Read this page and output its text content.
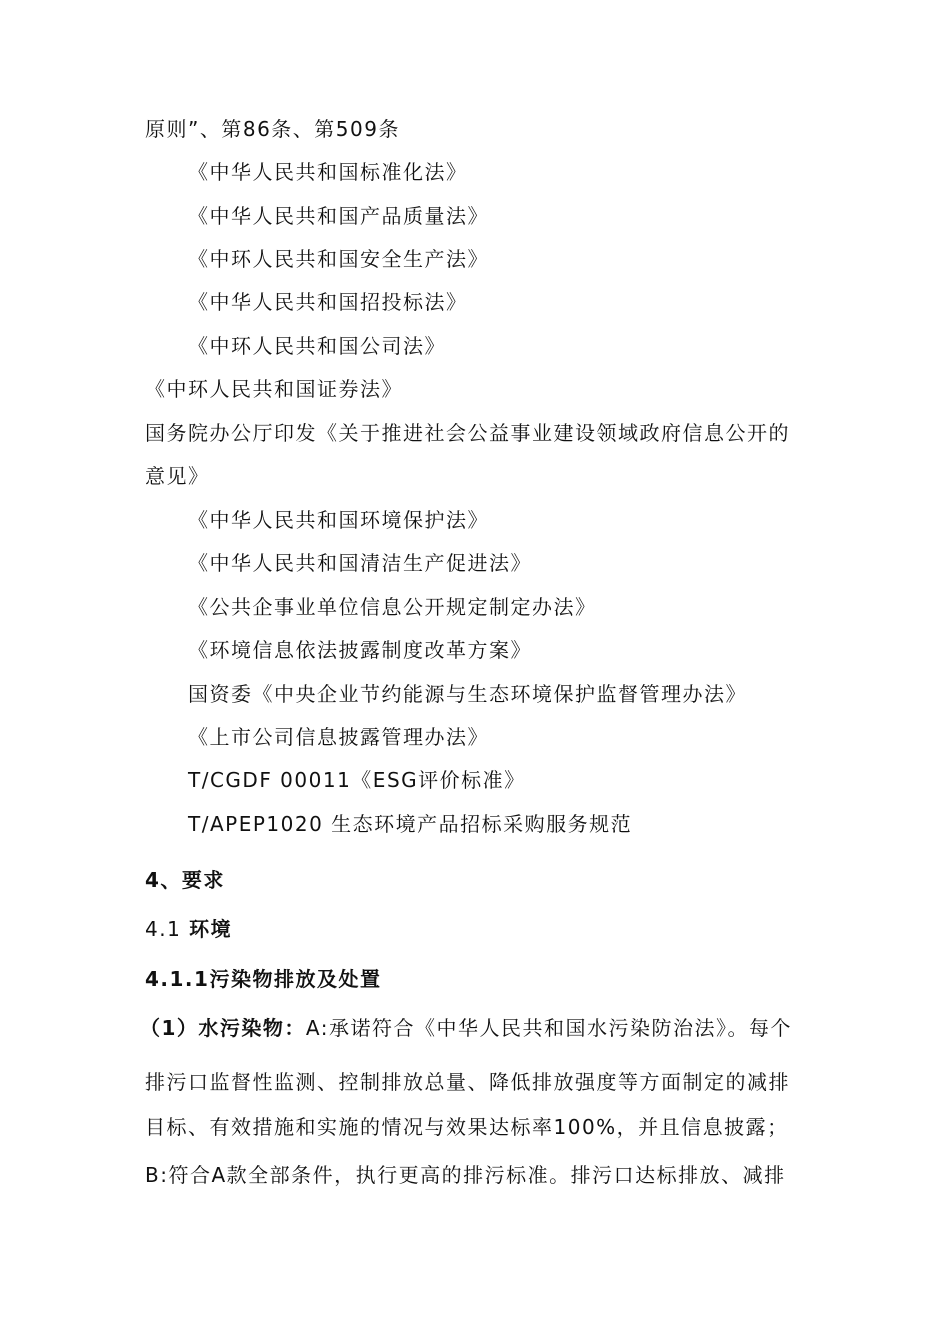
原则”、第86条、第509条
《中华人民共和国标准化法》
《中华人民共和国产品质量法》
《中环人民共和国安全生产法》
《中华人民共和国招投标法》
《中环人民共和国公司法》
《中环人民共和国证券法》
国务院办公厅印发《关于推进社会公益事业建设领域政府信息公开的
意见》
《中华人民共和国环境保护法》
《中华人民共和国清洁生产促进法》
《公共企事业单位信息公开规定制定办法》
《环境信息依法披露制度改革方案》
国资委《中央企业节约能源与生态环境保护监督管理办法》
《上市公司信息披露管理办法》
T/CGDF 00011《ESG评价标准》
T/APEP1020 生态环境产品招标采购服务规范
4、要求
4.1 环境
4.1.1污染物排放及处置
（1）水污染物：A:承诺符合《中华人民共和国水污染防治法》。每个
排污口监督性监测、控制排放总量、降低排放强度等方面制定的减排
目标、有效措施和实施的情况与效果达标率100%，并且信息披露；
B:符合A款全部条件，执行更高的排污标准。排污口达标排放、减排
